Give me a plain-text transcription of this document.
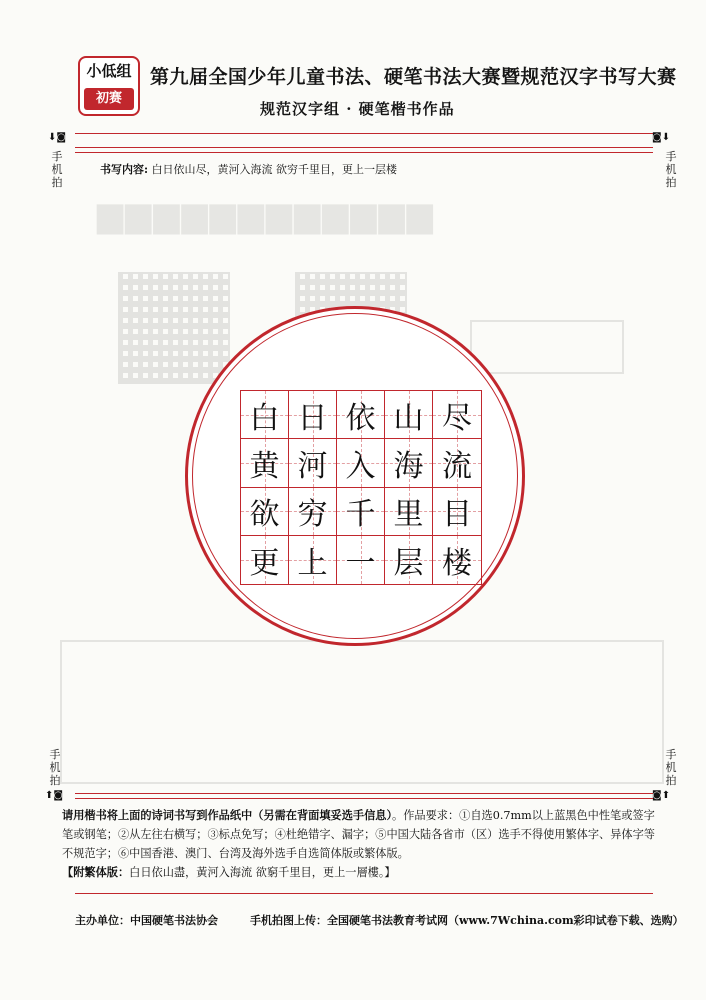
▆▆▆▆▆▆▆▆▆▆▆▆
小低组
初赛
第九届全国少年儿童书法、硬笔书法大赛暨规范汉字书写大赛
规范汉字组 · 硬笔楷书作品
⬇◙	◙⬇
手
机
拍
手
机
拍
书写内容: 白日依山尽，黄河入海流 欲穷千里目，更上一层楼
白 日 依 山 尽
黄 河 入 海 流
欲 穷 千 里 目
更 上 一 层 楼
手
机
拍
手
机
拍
⬆◙	◙⬆
请用楷书将上面的诗词书写到作品纸中（另需在背面填妥选手信息）。作品要求：①自选0.7mm以上蓝黑色中性笔或签字笔或钢笔；②从左往右横写；③标点免写；④杜绝错字、漏字；⑤中国大陆各省市（区）选手不得使用繁体字、异体字等不规范字；⑥中国香港、澳门、台湾及海外选手自选简体版或繁体版。
【附繁体版：白日依山盡，黃河入海流 欲窮千里目，更上一層樓。】
主办单位：中国硬笔书法协会	手机拍图上传：全国硬笔书法教育考试网（www.7Wchina.com彩印试卷下载、选购）
